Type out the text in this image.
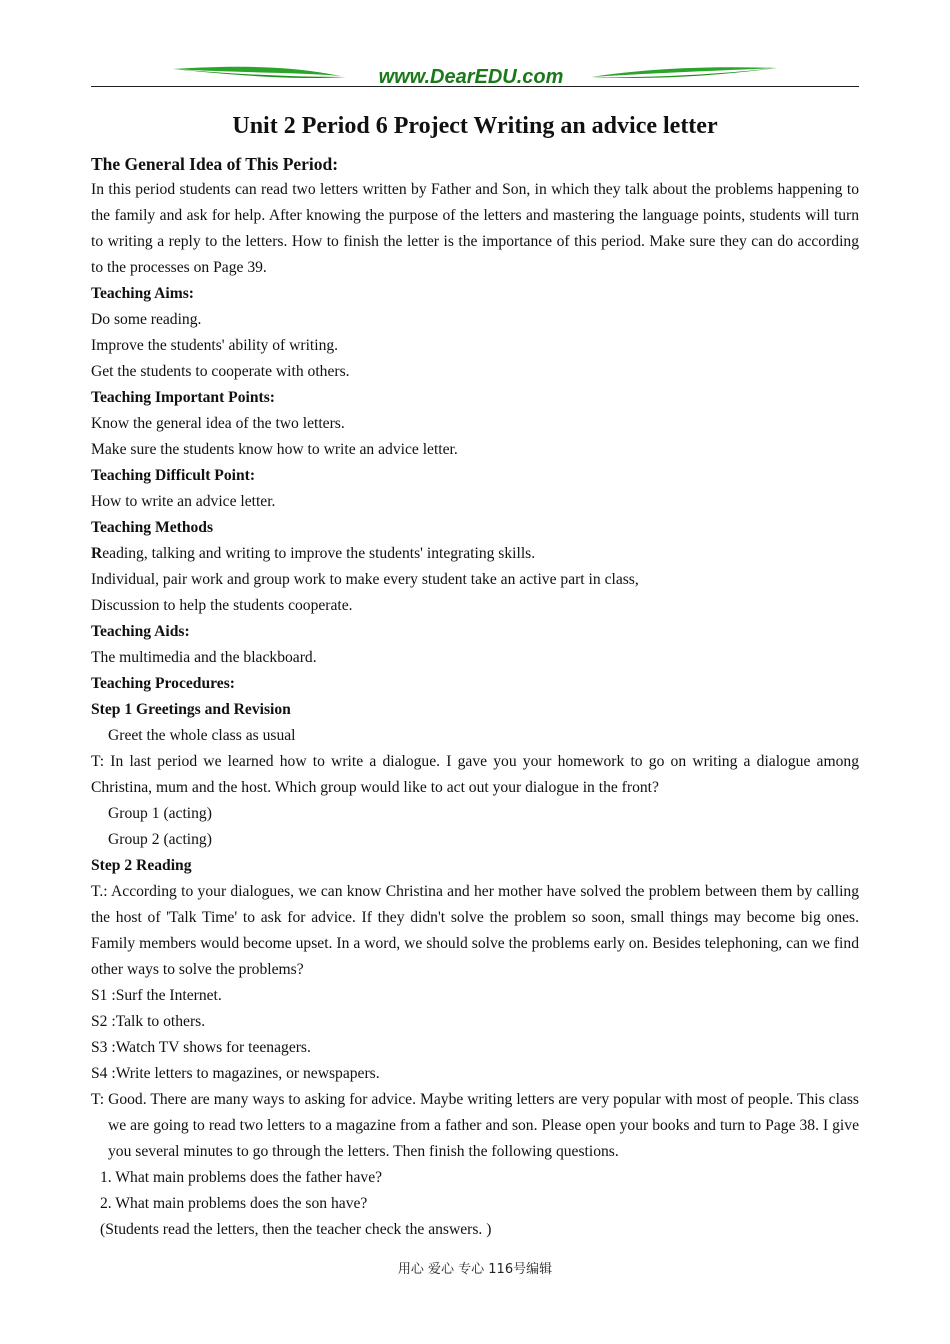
www.DearEDU.com
Unit 2 Period 6 Project Writing an advice letter

The General Idea of This Period:

In this period students can read two letters written by Father and Son, in which they talk about the problems happening to the family and ask for help. After knowing the purpose of the letters and mastering the language points, students will turn to writing a reply to the letters. How to finish the letter is the importance of this period. Make sure they can do according to the processes on Page 39.

Teaching Aims:

Do some reading.

Improve the students' ability of writing.

Get the students to cooperate with others.

Teaching Important Points:

Know the general idea of the two letters.

Make sure the students know how to write an advice letter.

Teaching Difficult Point:

How to write an advice letter.

Teaching Methods

Reading, talking and writing to improve the students' integrating skills.

Individual, pair work and group work to make every student take an active part in class,

Discussion to help the students cooperate.

Teaching Aids:

The multimedia and the blackboard.

Teaching Procedures:

Step 1 Greetings and Revision

Greet the whole class as usual

T: In last period we learned how to write a dialogue. I gave you your homework to go on writing a dialogue among Christina, mum and the host. Which group would like to act out your dialogue in the front?

Group 1 (acting)

Group 2 (acting)

Step 2 Reading

T.: According to your dialogues, we can know Christina and her mother have solved the problem between them by calling the host of 'Talk Time' to ask for advice. If they didn't solve the problem so soon, small things may become big ones. Family members would become upset. In a word, we should solve the problems early on. Besides telephoning, can we find other ways to solve the problems?

S1 :Surf the Internet.

S2 :Talk to others.

S3 :Watch TV shows for teenagers.

S4 :Write letters to magazines, or newspapers.

T: Good. There are many ways to asking for advice. Maybe writing letters are very popular with most of people. This class we are going to read two letters to a magazine from a father and son. Please open your books and turn to Page 38. I give you several minutes to go through the letters. Then finish the following questions.

1. What main problems does the father have?

2. What main problems does the son have?

(Students read the letters, then the teacher check the answers. )

用心 爱心 专心 116号编辑
